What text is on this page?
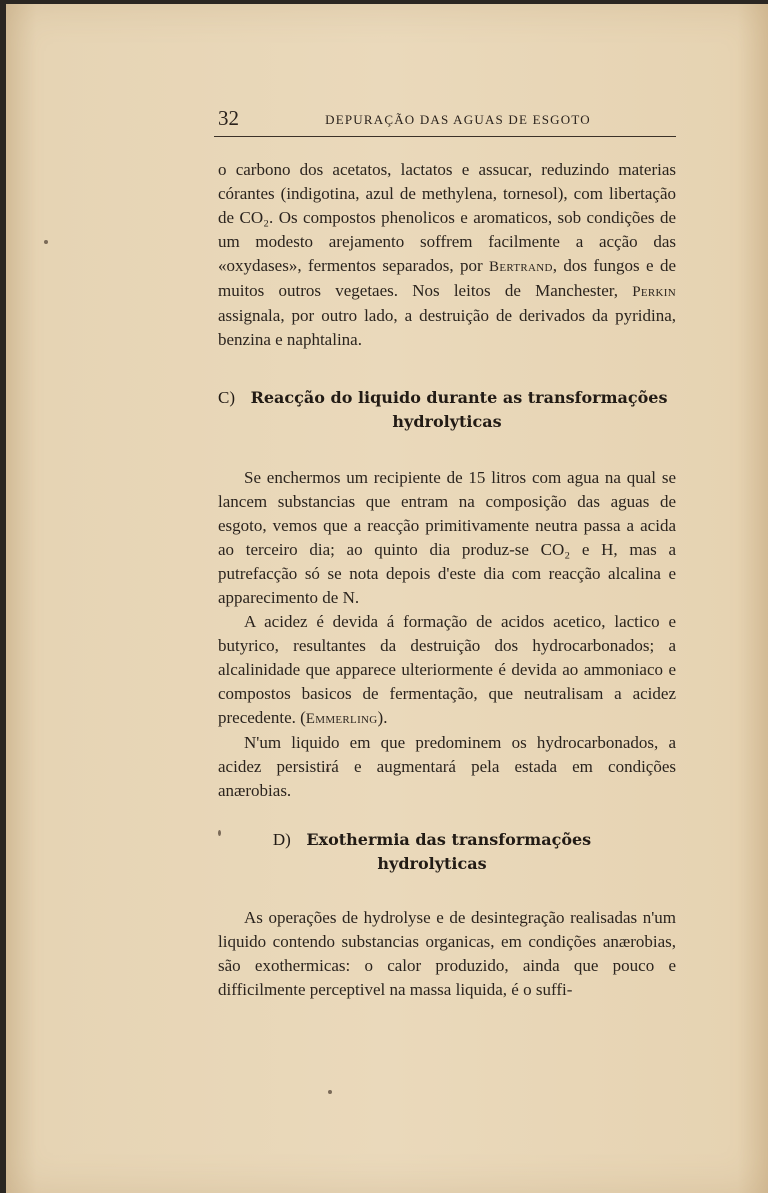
32	DEPURAÇÃO DAS AGUAS DE ESGOTO

o carbono dos acetatos, lactatos e assucar, reduzindo materias córantes (indigotina, azul de methylena, tornesol), com libertação de CO₂. Os compostos phenolicos e aromaticos, sob condições de um modesto arejamento soffrem facilmente a acção das «oxydases», fermentos separados, por Bertrand, dos fungos e de muitos outros vegetaes. Nos leitos de Manchester, Perkin assignala, por outro lado, a destruição de derivados da pyridina, benzina e naphtalina.

C) Reacção do liquido durante as transformações
hydrolyticas

Se enchermos um recipiente de 15 litros com agua na qual se lancem substancias que entram na composição das aguas de esgoto, vemos que a reacção primitivamente neutra passa a acida ao terceiro dia; ao quinto dia produz-se CO₂ e H, mas a putrefacção só se nota depois d'este dia com reacção alcalina e apparecimento de N.

A acidez é devida á formação de acidos acetico, lactico e butyrico, resultantes da destruição dos hydrocarbonados; a alcalinidade que apparece ulteriormente é devida ao ammoniaco e compostos basicos de fermentação, que neutralisam a acidez precedente. (Emmerling).

N'um liquido em que predominem os hydrocarbonados, a acidez persistirá e augmentará pela estada em condições anærobias.

D) Exothermia das transformações
hydrolyticas

As operações de hydrolyse e de desintegração realisadas n'um liquido contendo substancias organicas, em condições anærobias, são exothermicas: o calor produzido, ainda que pouco e difficilmente perceptivel na massa liquida, é o suffi-
